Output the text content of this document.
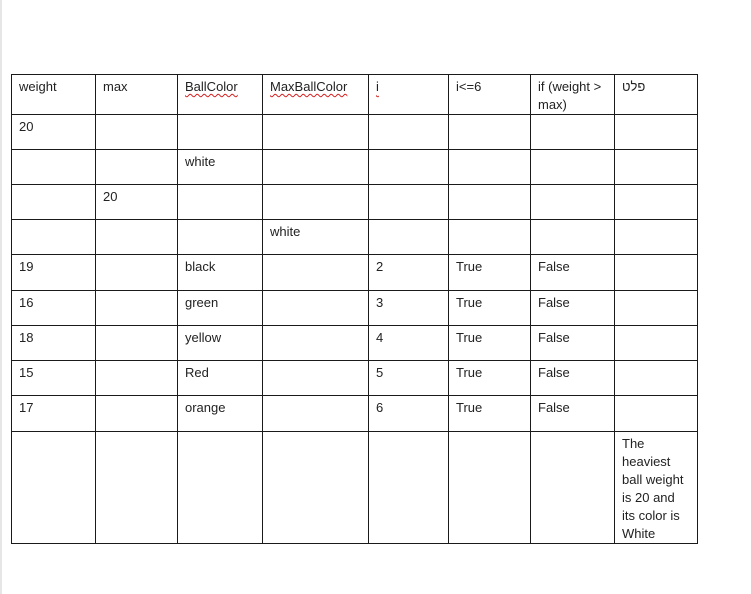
weight	max	BallColor	MaxBallColor	i	i<=6	if (weight > max)	פלט
20							
		white					
	20						
			white				
19		black		2	True	False	
16		green		3	True	False	
18		yellow		4	True	False	
15		Red		5	True	False	
17		orange		6	True	False	
							The heaviest ball weight is 20 and its color is White
